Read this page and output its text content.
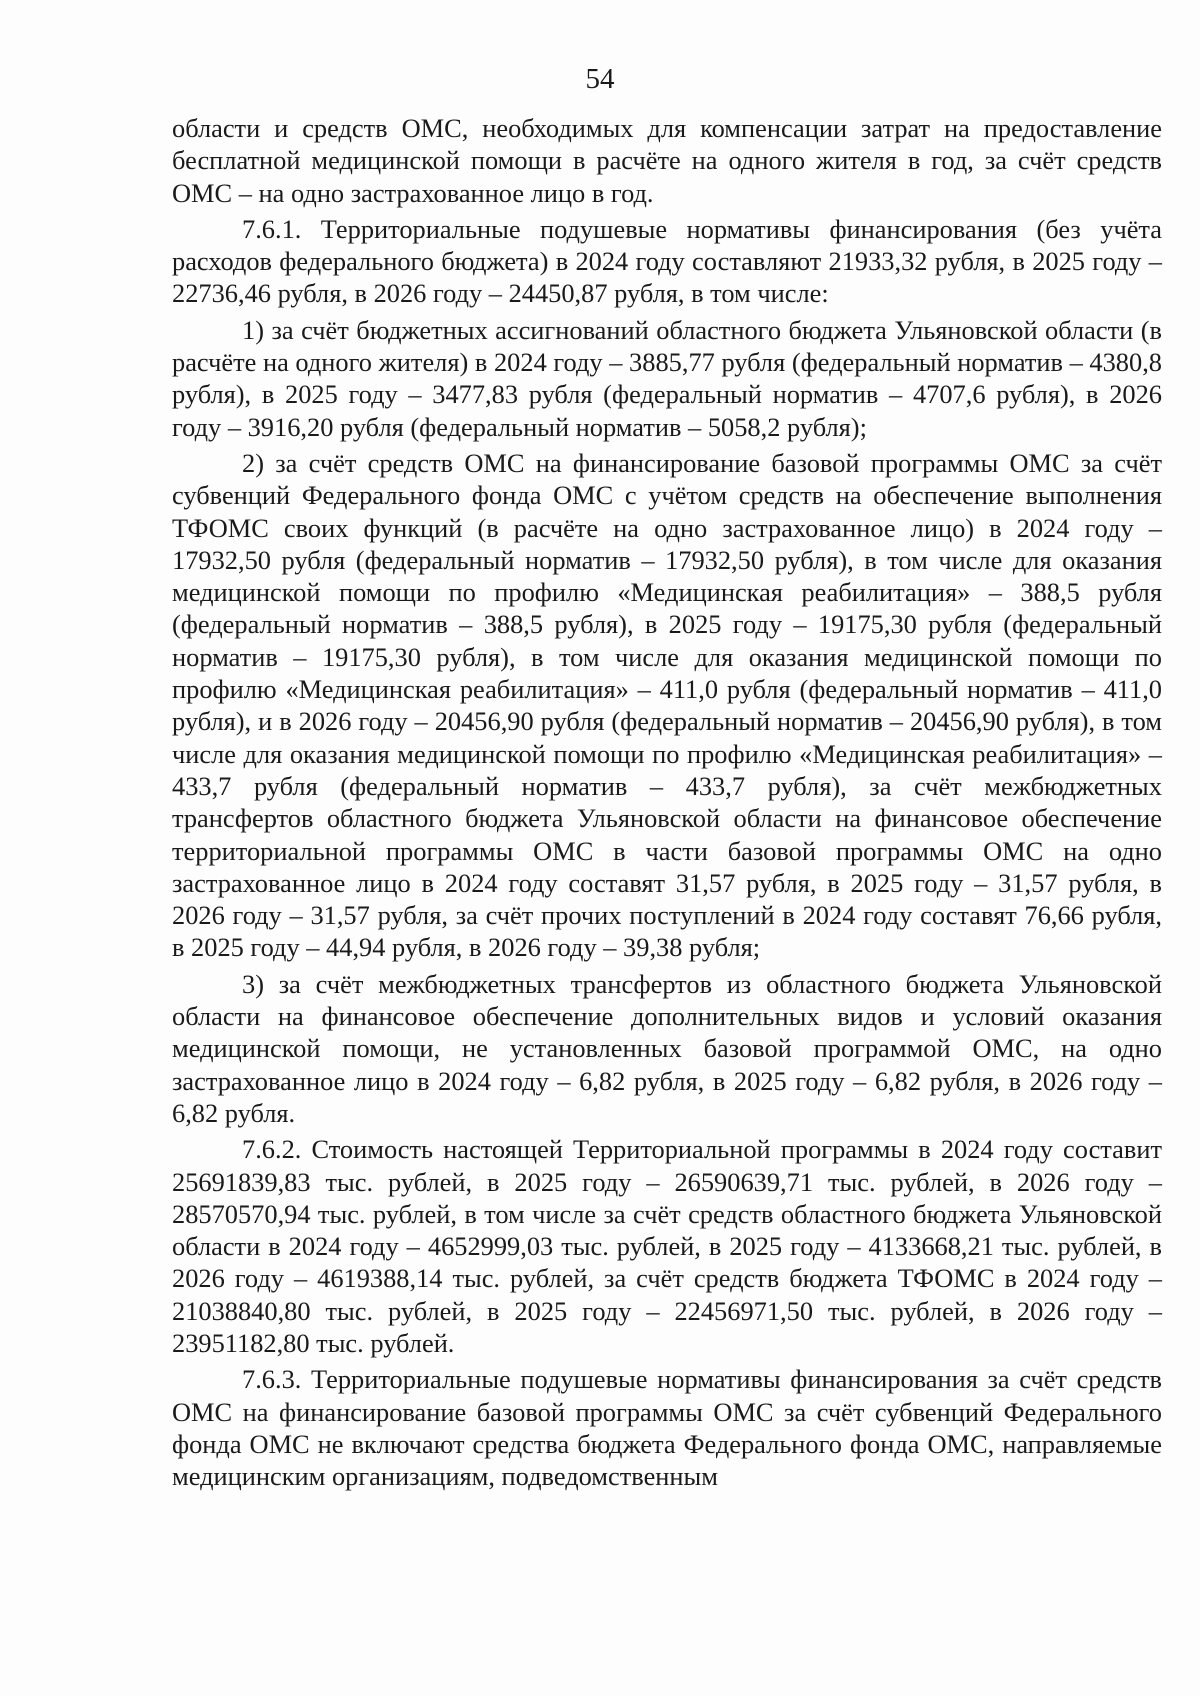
54

области и средств ОМС, необходимых для компенсации затрат на предоставление бесплатной медицинской помощи в расчёте на одного жителя в год, за счёт средств ОМС – на одно застрахованное лицо в год.

7.6.1. Территориальные подушевые нормативы финансирования (без учёта расходов федерального бюджета) в 2024 году составляют 21933,32 рубля, в 2025 году – 22736,46 рубля, в 2026 году – 24450,87 рубля, в том числе:

1) за счёт бюджетных ассигнований областного бюджета Ульяновской области (в расчёте на одного жителя) в 2024 году – 3885,77 рубля (федеральный норматив – 4380,8 рубля), в 2025 году – 3477,83 рубля (федеральный норматив – 4707,6 рубля), в 2026 году – 3916,20 рубля (федеральный норматив – 5058,2 рубля);

2) за счёт средств ОМС на финансирование базовой программы ОМС за счёт субвенций Федерального фонда ОМС с учётом средств на обеспечение выполнения ТФОМС своих функций (в расчёте на одно застрахованное лицо) в 2024 году – 17932,50 рубля (федеральный норматив – 17932,50 рубля), в том числе для оказания медицинской помощи по профилю «Медицинская реабилитация» – 388,5 рубля (федеральный норматив – 388,5 рубля), в 2025 году – 19175,30 рубля (федеральный норматив – 19175,30 рубля), в том числе для оказания медицинской помощи по профилю «Медицинская реабилитация» – 411,0 рубля (федеральный норматив – 411,0 рубля), и в 2026 году – 20456,90 рубля (федеральный норматив – 20456,90 рубля), в том числе для оказания медицинской помощи по профилю «Медицинская реабилитация» – 433,7 рубля (федеральный норматив – 433,7 рубля), за счёт межбюджетных трансфертов областного бюджета Ульяновской области на финансовое обеспечение территориальной программы ОМС в части базовой программы ОМС на одно застрахованное лицо в 2024 году составят 31,57 рубля, в 2025 году – 31,57 рубля, в 2026 году – 31,57 рубля, за счёт прочих поступлений в 2024 году составят 76,66 рубля, в 2025 году – 44,94 рубля, в 2026 году – 39,38 рубля;

3) за счёт межбюджетных трансфертов из областного бюджета Ульяновской области на финансовое обеспечение дополнительных видов и условий оказания медицинской помощи, не установленных базовой программой ОМС, на одно застрахованное лицо в 2024 году – 6,82 рубля, в 2025 году – 6,82 рубля, в 2026 году – 6,82 рубля.

7.6.2. Стоимость настоящей Территориальной программы в 2024 году составит 25691839,83 тыс. рублей, в 2025 году – 26590639,71 тыс. рублей, в 2026 году – 28570570,94 тыс. рублей, в том числе за счёт средств областного бюджета Ульяновской области в 2024 году – 4652999,03 тыс. рублей, в 2025 году – 4133668,21 тыс. рублей, в 2026 году – 4619388,14 тыс. рублей, за счёт средств бюджета ТФОМС в 2024 году – 21038840,80 тыс. рублей, в 2025 году – 22456971,50 тыс. рублей, в 2026 году – 23951182,80 тыс. рублей.

7.6.3. Территориальные подушевые нормативы финансирования за счёт средств ОМС на финансирование базовой программы ОМС за счёт субвенций Федерального фонда ОМС не включают средства бюджета Федерального фонда ОМС, направляемые медицинским организациям, подведомственным
